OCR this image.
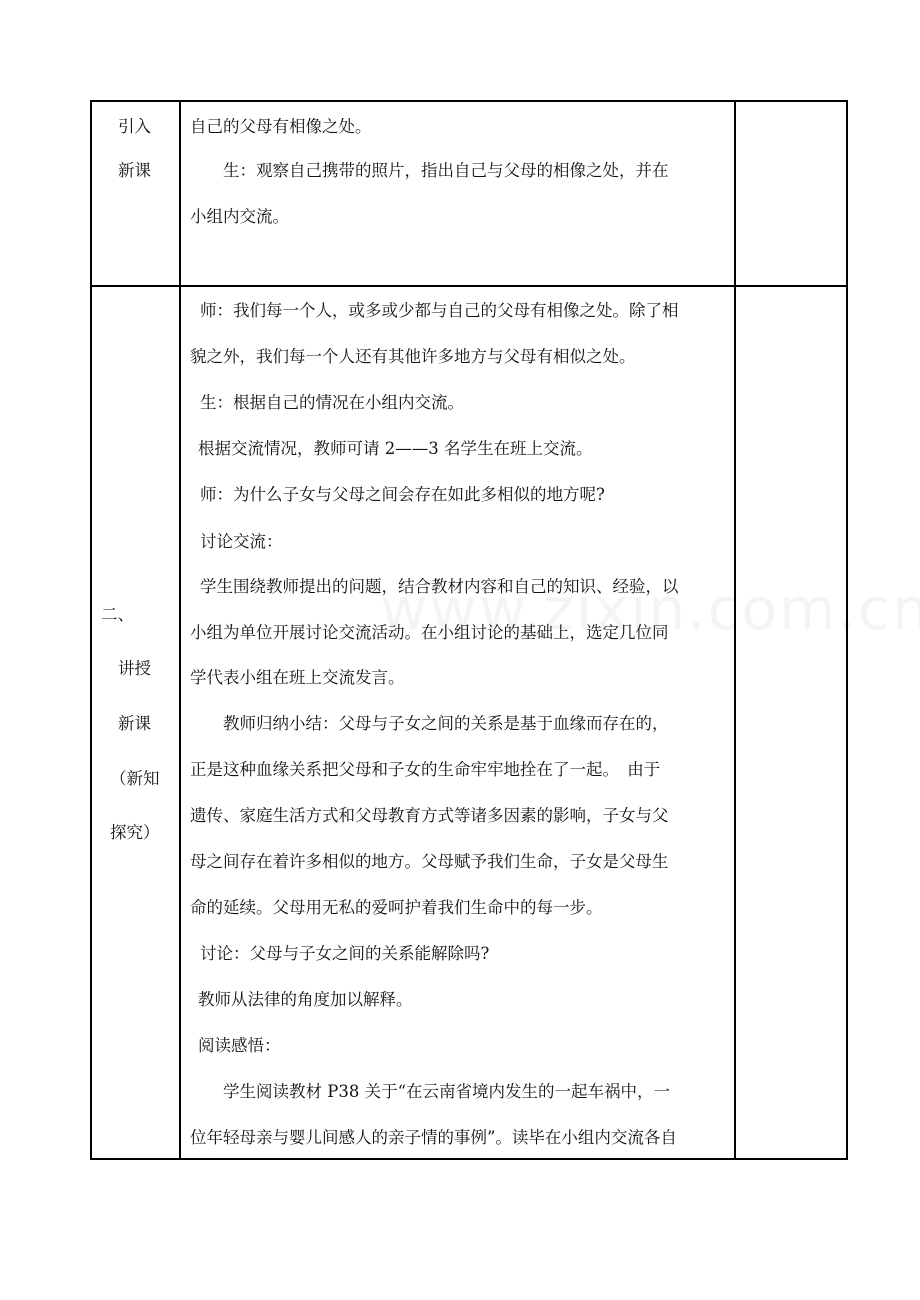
引入
新课
自己的父母有相像之处。
　　生：观察自己携带的照片，指出自己与父母的相像之处，并在
小组内交流。
二、
讲授
新课
（新知
探究）
师：我们每一个人，或多或少都与自己的父母有相像之处。除了相
貌之外，我们每一个人还有其他许多地方与父母有相似之处。
生：根据自己的情况在小组内交流。
根据交流情况，教师可请 2——3 名学生在班上交流。
师：为什么子女与父母之间会存在如此多相似的地方呢?
讨论交流：
学生围绕教师提出的问题，结合教材内容和自己的知识、经验，以
小组为单位开展讨论交流活动。在小组讨论的基础上，选定几位同
学代表小组在班上交流发言。
　　教师归纳小结：父母与子女之间的关系是基于血缘而存在的，
正是这种血缘关系把父母和子女的生命牢牢地拴在了一起。　由于
遗传、家庭生活方式和父母教育方式等诸多因素的影响，子女与父
母之间存在着许多相似的地方。父母赋予我们生命，子女是父母生
命的延续。父母用无私的爱呵护着我们生命中的每一步。
讨论：父母与子女之间的关系能解除吗?
教师从法律的角度加以解释。
阅读感悟：
　　学生阅读教材 P38 关于“在云南省境内发生的一起车祸中，一
位年轻母亲与婴儿间感人的亲子情的事例”。读毕在小组内交流各自
